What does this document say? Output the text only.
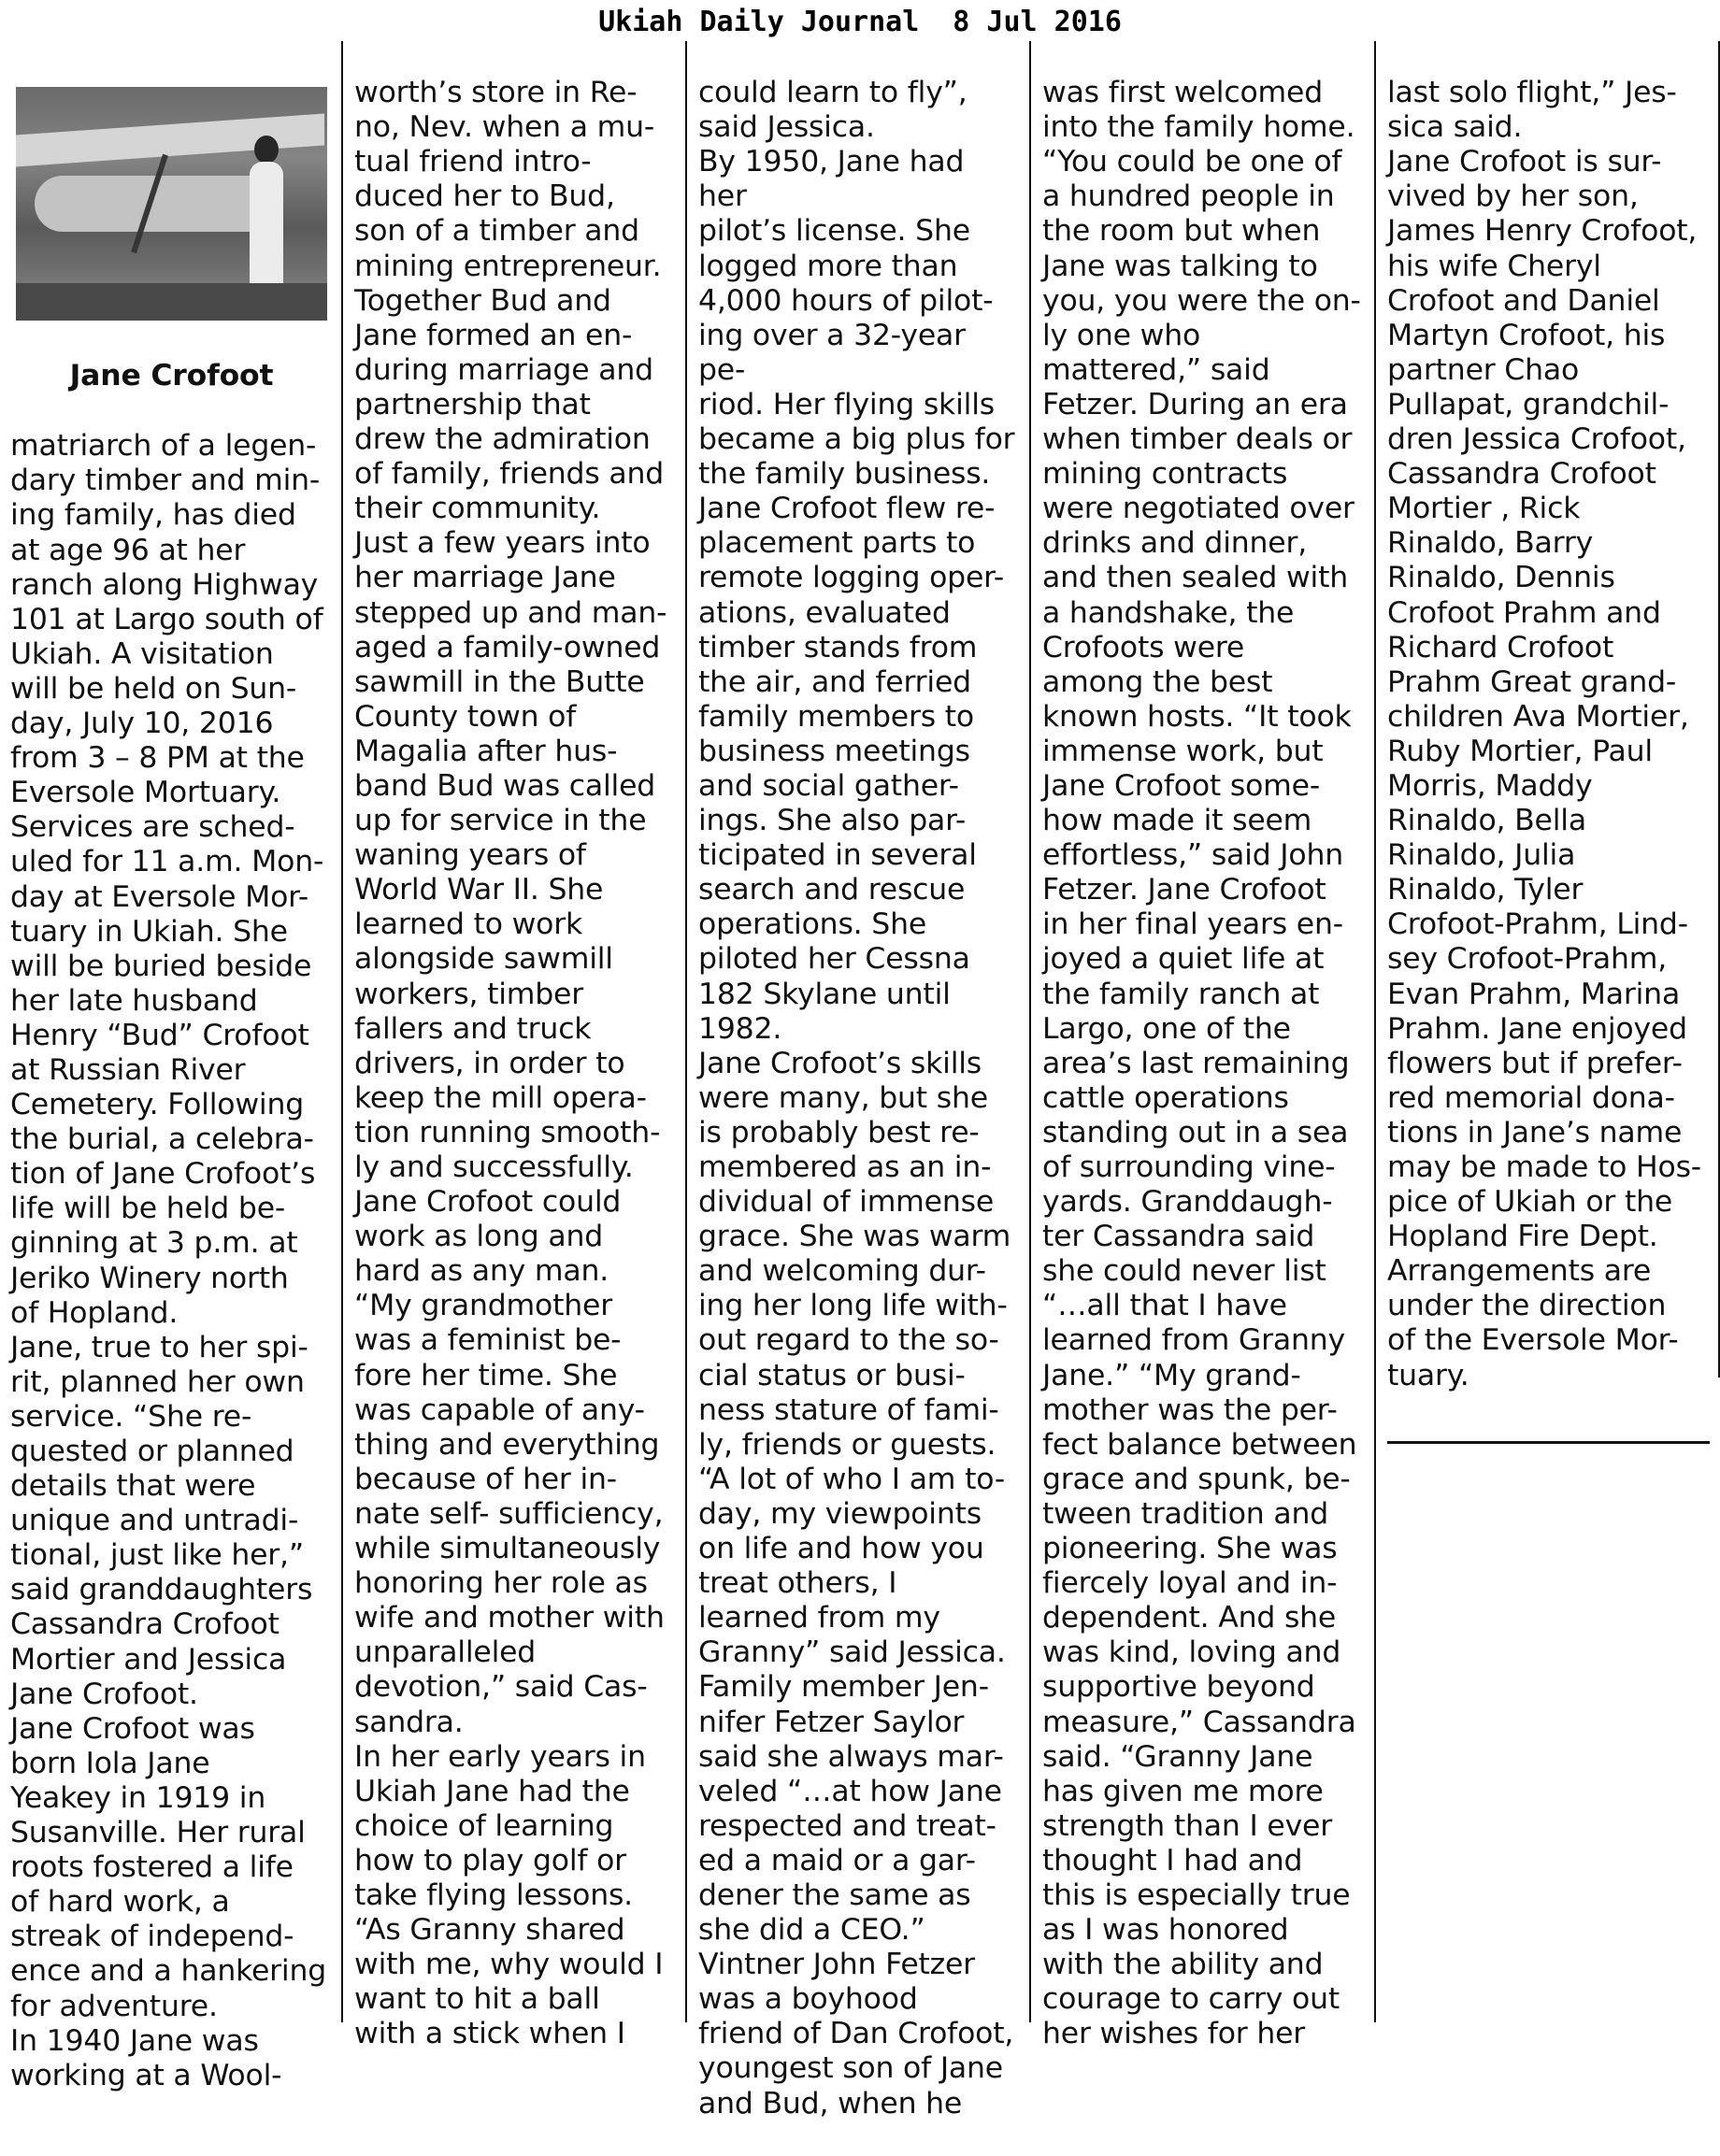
Ukiah Daily Journal 8 Jul 2016

Jane Crofoot

matriarch of a legen-
dary timber and min-
ing family, has died
at age 96 at her
ranch along Highway
101 at Largo south of
Ukiah. A visitation
will be held on Sun-
day, July 10, 2016
from 3 – 8 PM at the
Eversole Mortuary.
Services are sched-
uled for 11 a.m. Mon-
day at Eversole Mor-
tuary in Ukiah. She
will be buried beside
her late husband
Henry “Bud” Crofoot
at Russian River
Cemetery. Following
the burial, a celebra-
tion of Jane Crofoot’s
life will be held be-
ginning at 3 p.m. at
Jeriko Winery north
of Hopland.
Jane, true to her spi-
rit, planned her own
service. “She re-
quested or planned
details that were
unique and untradi-
tional, just like her,”
said granddaughters
Cassandra Crofoot
Mortier and Jessica
Jane Crofoot.
Jane Crofoot was
born Iola Jane
Yeakey in 1919 in
Susanville. Her rural
roots fostered a life
of hard work, a
streak of independ-
ence and a hankering
for adventure.
In 1940 Jane was
working at a Wool-

worth’s store in Re-
no, Nev. when a mu-
tual friend intro-
duced her to Bud,
son of a timber and
mining entrepreneur.
Together Bud and
Jane formed an en-
during marriage and
partnership that
drew the admiration
of family, friends and
their community.
Just a few years into
her marriage Jane
stepped up and man-
aged a family-owned
sawmill in the Butte
County town of
Magalia after hus-
band Bud was called
up for service in the
waning years of
World War II. She
learned to work
alongside sawmill
workers, timber
fallers and truck
drivers, in order to
keep the mill opera-
tion running smooth-
ly and successfully.
Jane Crofoot could
work as long and
hard as any man.
“My grandmother
was a feminist be-
fore her time. She
was capable of any-
thing and everything
because of her in-
nate self- sufficiency,
while simultaneously
honoring her role as
wife and mother with
unparalleled
devotion,” said Cas-
sandra.
In her early years in
Ukiah Jane had the
choice of learning
how to play golf or
take flying lessons.
“As Granny shared
with me, why would I
want to hit a ball
with a stick when I

could learn to fly”,
said Jessica.
By 1950, Jane had her
pilot’s license. She
logged more than
4,000 hours of pilot-
ing over a 32-year pe-
riod. Her flying skills
became a big plus for
the family business.
Jane Crofoot flew re-
placement parts to
remote logging oper-
ations, evaluated
timber stands from
the air, and ferried
family members to
business meetings
and social gather-
ings. She also par-
ticipated in several
search and rescue
operations. She
piloted her Cessna
182 Skylane until
1982.
Jane Crofoot’s skills
were many, but she
is probably best re-
membered as an in-
dividual of immense
grace. She was warm
and welcoming dur-
ing her long life with-
out regard to the so-
cial status or busi-
ness stature of fami-
ly, friends or guests.
“A lot of who I am to-
day, my viewpoints
on life and how you
treat others, I
learned from my
Granny” said Jessica.
Family member Jen-
nifer Fetzer Saylor
said she always mar-
veled “…at how Jane
respected and treat-
ed a maid or a gar-
dener the same as
she did a CEO.”
Vintner John Fetzer
was a boyhood
friend of Dan Crofoot,
youngest son of Jane
and Bud, when he

was first welcomed
into the family home.
“You could be one of
a hundred people in
the room but when
Jane was talking to
you, you were the on-
ly one who
mattered,” said
Fetzer. During an era
when timber deals or
mining contracts
were negotiated over
drinks and dinner,
and then sealed with
a handshake, the
Crofoots were
among the best
known hosts. “It took
immense work, but
Jane Crofoot some-
how made it seem
effortless,” said John
Fetzer. Jane Crofoot
in her final years en-
joyed a quiet life at
the family ranch at
Largo, one of the
area’s last remaining
cattle operations
standing out in a sea
of surrounding vine-
yards. Granddaugh-
ter Cassandra said
she could never list
“…all that I have
learned from Granny
Jane.” “My grand-
mother was the per-
fect balance between
grace and spunk, be-
tween tradition and
pioneering. She was
fiercely loyal and in-
dependent. And she
was kind, loving and
supportive beyond
measure,” Cassandra
said. “Granny Jane
has given me more
strength than I ever
thought I had and
this is especially true
as I was honored
with the ability and
courage to carry out
her wishes for her

last solo flight,” Jes-
sica said.
Jane Crofoot is sur-
vived by her son,
James Henry Crofoot,
his wife Cheryl
Crofoot and Daniel
Martyn Crofoot, his
partner Chao
Pullapat, grandchil-
dren Jessica Crofoot,
Cassandra Crofoot
Mortier , Rick
Rinaldo, Barry
Rinaldo, Dennis
Crofoot Prahm and
Richard Crofoot
Prahm Great grand-
children Ava Mortier,
Ruby Mortier, Paul
Morris, Maddy
Rinaldo, Bella
Rinaldo, Julia
Rinaldo, Tyler
Crofoot-Prahm, Lind-
sey Crofoot-Prahm,
Evan Prahm, Marina
Prahm. Jane enjoyed
flowers but if prefer-
red memorial dona-
tions in Jane’s name
may be made to Hos-
pice of Ukiah or the
Hopland Fire Dept.
Arrangements are
under the direction
of the Eversole Mor-
tuary.
